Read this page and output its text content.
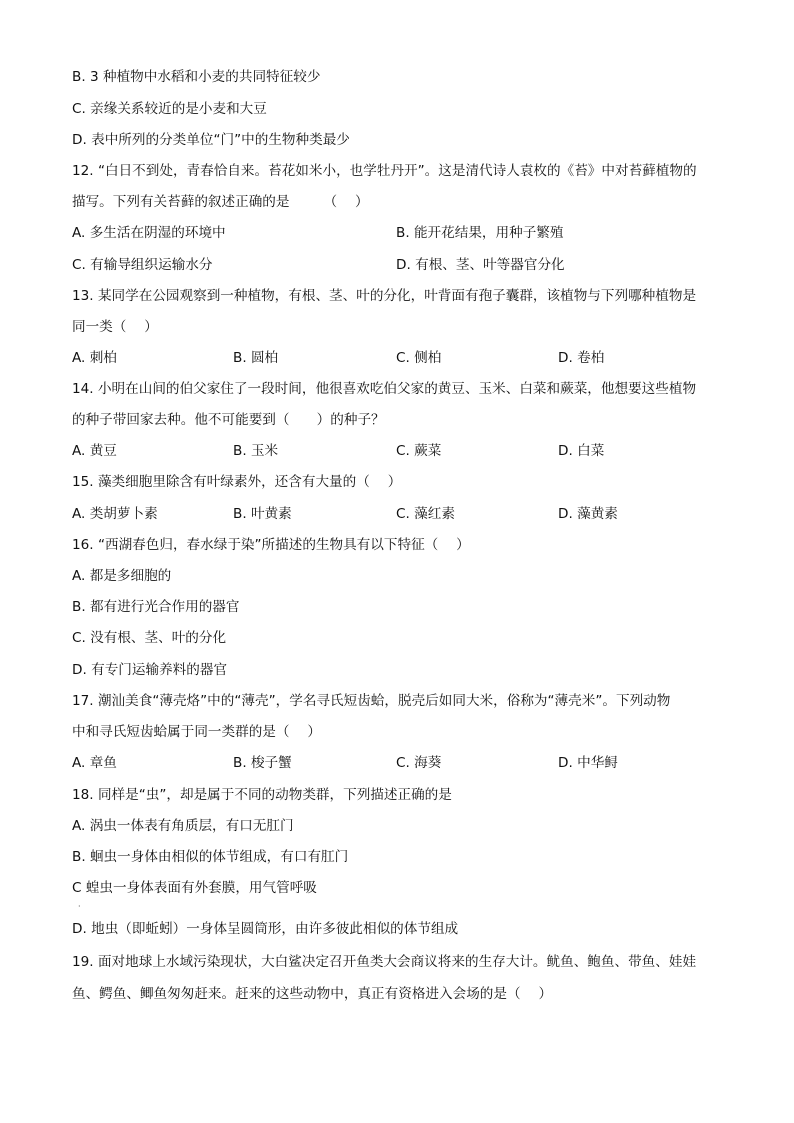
B. 3 种植物中水稻和小麦的共同特征较少
C. 亲缘关系较近的是小麦和大豆
D. 表中所列的分类单位“门”中的生物种类最少
12. “白日不到处，青春恰自来。苔花如米小，也学牡丹开”。这是清代诗人袁枚的《苔》中对苔藓植物的
描写。下列有关苔藓的叙述正确的是　　　（　 ）
A. 多生活在阴湿的环境中	B. 能开花结果，用种子繁殖
C. 有输导组织运输水分	D. 有根、茎、叶等器官分化
13. 某同学在公园观察到一种植物，有根、茎、叶的分化，叶背面有孢子囊群，该植物与下列哪种植物是
同一类（　 ）
A. 刺柏	B. 圆柏	C. 侧柏	D. 卷柏
14. 小明在山间的伯父家住了一段时间，他很喜欢吃伯父家的黄豆、玉米、白菜和蕨菜，他想要这些植物
的种子带回家去种。他不可能要到（　　）的种子？
A. 黄豆	B. 玉米	C. 蕨菜	D. 白菜
15. 藻类细胞里除含有叶绿素外，还含有大量的（　 ）
A. 类胡萝卜素	B. 叶黄素	C. 藻红素	D. 藻黄素
16. “西湖春色归，春水绿于染”所描述的生物具有以下特征（　 ）
A. 都是多细胞的
B. 都有进行光合作用的器官
C. 没有根、茎、叶的分化
D. 有专门运输养料的器官
17. 潮汕美食“薄壳烙”中的“薄壳”，学名寻氏短齿蛤，脱壳后如同大米，俗称为“薄壳米”。下列动物
中和寻氏短齿蛤属于同一类群的是（　 ）
A. 章鱼	B. 梭子蟹	C. 海葵	D. 中华鲟
18. 同样是“虫”，却是属于不同的动物类群，下列描述正确的是
A. 涡虫一体表有角质层，有口无肛门
B. 蛔虫一身体由相似的体节组成，有口有肛门
C 蝗虫一身体表面有外套膜，用气管呼吸
·
D. 地虫（即蚯蚓）一身体呈圆筒形，由许多彼此相似的体节组成
19. 面对地球上水域污染现状，大白鲨决定召开鱼类大会商议将来的生存大计。鱿鱼、鲍鱼、带鱼、娃娃
鱼、鳄鱼、鲫鱼匆匆赶来。赶来的这些动物中，真正有资格进入会场的是（　 ）
